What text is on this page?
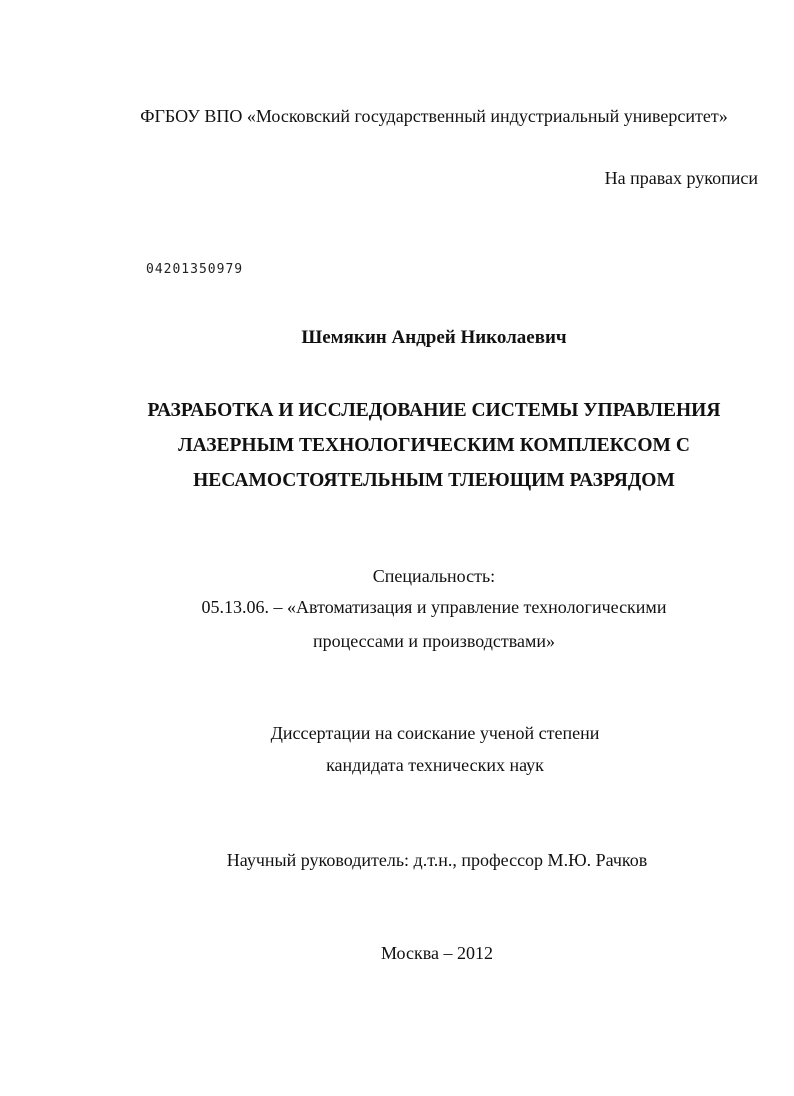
ФГБОУ ВПО «Московский государственный индустриальный университет»
На правах рукописи
04201350979
Шемякин Андрей Николаевич
РАЗРАБОТКА И ИССЛЕДОВАНИЕ СИСТЕМЫ УПРАВЛЕНИЯ
ЛАЗЕРНЫМ ТЕХНОЛОГИЧЕСКИМ КОМПЛЕКСОМ С
НЕСАМОСТОЯТЕЛЬНЫМ ТЛЕЮЩИМ РАЗРЯДОМ
Специальность:
05.13.06. – «Автоматизация и управление технологическими
процессами и производствами»
Диссертации на соискание ученой степени
кандидата технических наук
Научный руководитель: д.т.н., профессор М.Ю. Рачков
Москва – 2012
